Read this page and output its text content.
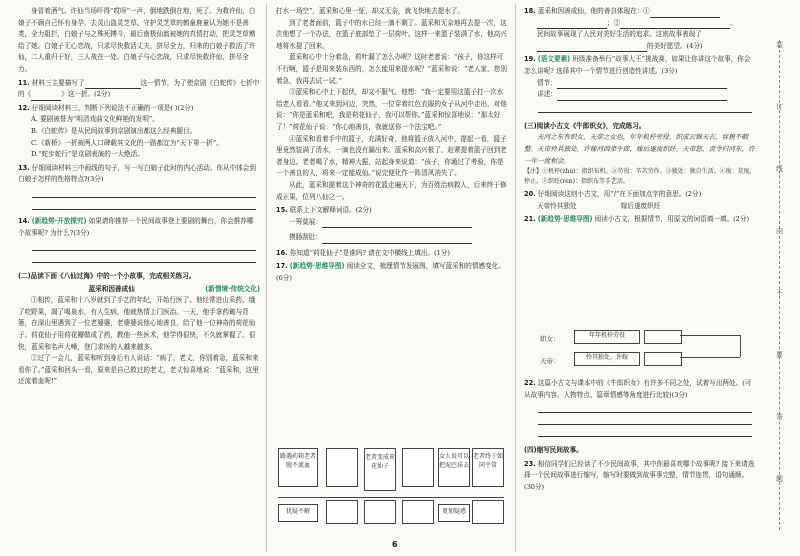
身冒着酒气。许仙当场吓得“哎呀”一声，倒地跌倒在地，死了。为救许仙，白娘子不顾自己怀有身孕，去灵山盗灵芝草。守护灵芝草的鹤童鹿童认为她不是善类，全力阻拦，白娘子与之殊死搏斗，最后南极仙翁被她的真情打动，把灵芝草赠给了她。白娘子无心恋战，只求尽快救活丈夫，拼尽全力，归来的白娘子救活了许仙，二人重归于好，三人战在一处。白娘子与心恋战，只求尽快救许仙，拼尽全力。

11. 材料三主要描写了	这一情节，为了使京剧《白蛇传》七折中的《	》这一折。(2分)

12. 仔细阅读材料三，判断下列说法不正确的一项是( )(2分)

A. 要剧被誉为“明清戏曲文化鲜艳的发明”。

B.《白蛇传》是从民间故事到京剧演出都这么经典题目。

C.《新桥》一折被两人口碑载其文化的一路都宜为“天下第一折”。

D.“蛇步蛇行”是京剧表演的一大绝活。

13. 仔细阅读材料三中画线的句子，写一写白娘子此时的内心活动。你从中体会到白娘子怎样的性格特点?(3分)

14. (新趋势·开放探究) 如果请你推荐一个民间故事登上要剧的舞台，你会推荐哪个故事呢? 为什么?(3分)

(二)品读下面《八仙过海》中的一个小故事，完成相关练习。

(新情境·传统文化)
蓝采和因善成仙

①相传，蓝采和十八岁就到了手艺的年纪，开始行医了。他经常进山采药，饿了吃野果，渴了喝泉水，有人生病，他就热情上门医治。一天，他手拿药锄与背篓，在深山里遇到了一位老婆婆，老婆婆说他心地善良，给了他一位神奇的荷花仙子。荷花仙子用荷花瓣做成了药，教他一些医术，他学得很快，不久就掌握了。很快，蓝采和名声大噪，登门求医的人越来越多。

②过了一会儿，蓝采和听到身后有人说话：“病了，老丈，你别着急，蓝采和来看你了。”蓝采和回头一看，原来是自己救过的老丈，老丈惊喜地说：“蓝采和，这里还流着血呢!”

打水一场空”，蓝采和心里一怔，却又无奈，就飞快地去提水了。

到了老者面前，篮子中的水已经一滴不剩了。蓝采和无奈地再去提一次，这次他想了一个办法，在篮子底部垫了一层荷叶。这样一来篮子装满了水，他高兴地将水提了回来。

蓝采和心中十分着急，荷叶漏了怎么办呢？这时老者说：“孩子，你这样可不行啊，篮子是用来装东西的，怎么能用来提水呢？”蓝采和说：“老人家，您别着急，我再去试一试。”

③蓝采和心中上下起伏，却又不服气。他想：“我一定要用这篮子打一次水给老人看看。”他又来到河边，突然，一位穿着红色衣服的女子从河中走出，对他说：“你是蓝采和吧，我是荷花仙子，我可以帮你。”蓝采和惊喜地说：“那太好了！”荷花仙子说：“你心地善良，我就送你一个法宝吧。”

④蓝采和看着手中的篮子，充满好奇，他将篮子放入河中，提起一看，篮子里竟然装满了清水，一滴也没有漏出来。蓝采和高兴极了，赶紧提着篮子回到老者身边。老者喝了水，精神大振，站起身来说道：“孩子，你通过了考验，你是一个善良的人，将来一定能成仙。”说完便化作一阵清风消失了。

从此，蓝采和提着这个神奇的花篮走遍天下，为百姓治病救人，后来终于修成正果，位列八仙之一。

15. 联系上下文解释词语。(2分)

一筹莫展：

摸肠刮肚：

16. 你知道“荷花仙子”是谁吗? 请在文中横线上填出。(1分)

17. (新趋势·思维导图) 阅读全文，梳理情节发展图，填写蓝采和的情感变化。(6分)

路遇药箱老者脱不流血
老者变成荷花仙子
女人说可以把泥巴抹去
老者终于如同平常
犹疑不解	更加疑惑

18. 蓝采和因善成仙，他的善良体现在：①

；②	。

民间故事展现了人民对美好生活的追求。这则故事表现了

的美好愿望。(4分)

19. (语文要素) 班级准备举行“故事大王”挑战赛，如果让你讲这个故事，你会怎么讲呢? 选择其中一个情节进行创造性讲述。(3分)

情节：

讲述：

(三)阅读小古文《牛郎织女》，完成练习。

天河之东有织女，天帝之女也，年年机杼劳役，织成云锦天衣，容貌不暇整。天帝怜其独处，许嫁河西牵牛郎，嫁后遂废织纴。天帝怒，责令归河东，许一年一度相会。

【注】①机杼(zhù)：指织布机。②劳役：辛苦劳作。③独处：独自生活。④废：荒废，停止。⑤织纴(rèn)：指织布等手艺活。

20. 仔细阅读这则小古文，用“/”在下面加点字的意思。(2分)

天帝怜其独处	嫁后遂废织纴

21. (新趋势·思维导图) 阅读小古文，根据情节，用原文的词语填一填。(2分)

织女：
天帝：
年年机杼劳役
怜其独处，许嫁

22. 这篇小古文与课本中的《牛郎织女》有许多不同之处，试着写出两处。(可从故事内容、人物特点、篇章情感等角度进行比较)(3分)

(四)缩写民间故事。

23. 相信同学们已经读了不少民间故事，其中你最喜欢哪个故事呢? 接下来请选择一个民间故事进行缩写，缩写时要做到故事事完整，情节连贯，语句通顺。(30分)

装
订
线
内
不
要
答
题
6
